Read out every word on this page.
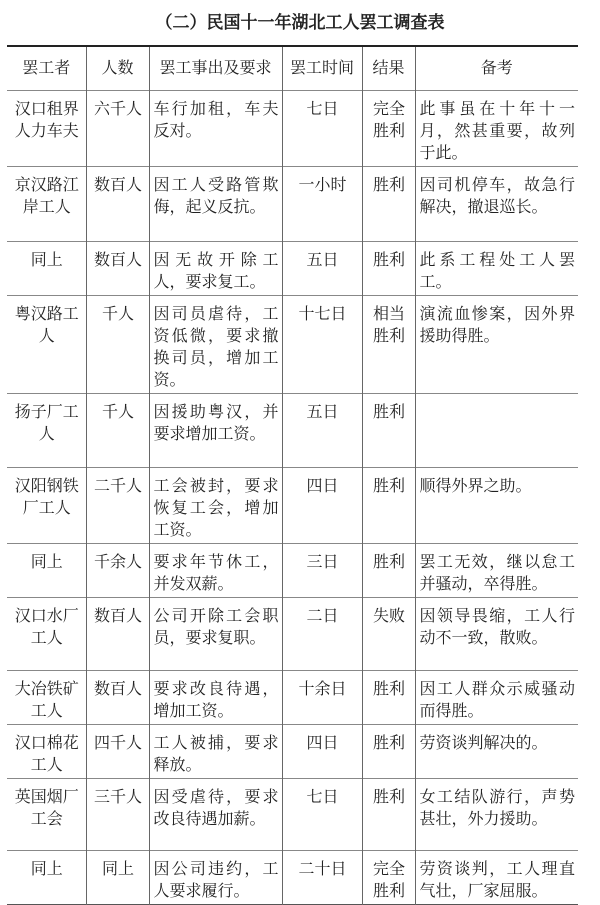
（二）民国十一年湖北工人罢工调查表
罢工者	人数	罢工事出及要求	罢工时间	结果	备考
汉口租界人力车夫	六千人	车行加租，车夫反对。	七日	完全胜利	此事虽在十年十一月，然甚重要，故列于此。
京汉路江岸工人	数百人	因工人受路管欺侮，起义反抗。	一小时	胜利	因司机停车，故急行解决，撤退巡长。
同上	数百人	因无故开除工人，要求复工。	五日	胜利	此系工程处工人罢工。
粤汉路工人	千人	因司员虐待，工资低微，要求撤换司员，增加工资。	十七日	相当胜利	演流血惨案，因外界援助得胜。
扬子厂工人	千人	因援助粤汉，并要求增加工资。	五日	胜利	
汉阳钢铁厂工人	二千人	工会被封，要求恢复工会，增加工资。	四日	胜利	顺得外界之助。
同上	千余人	要求年节休工，并发双薪。	三日	胜利	罢工无效，继以怠工并骚动，卒得胜。
汉口水厂工人	数百人	公司开除工会职员，要求复职。	二日	失败	因领导畏缩，工人行动不一致，散败。
大冶铁矿工人	数百人	要求改良待遇，增加工资。	十余日	胜利	因工人群众示威骚动而得胜。
汉口棉花工人	四千人	工人被捕，要求释放。	四日	胜利	劳资谈判解决的。
英国烟厂工会	三千人	因受虐待，要求改良待遇加薪。	七日	胜利	女工结队游行，声势甚壮，外力援助。
同上	同上	因公司违约，工人要求履行。	二十日	完全胜利	劳资谈判，工人理直气壮，厂家屈服。
